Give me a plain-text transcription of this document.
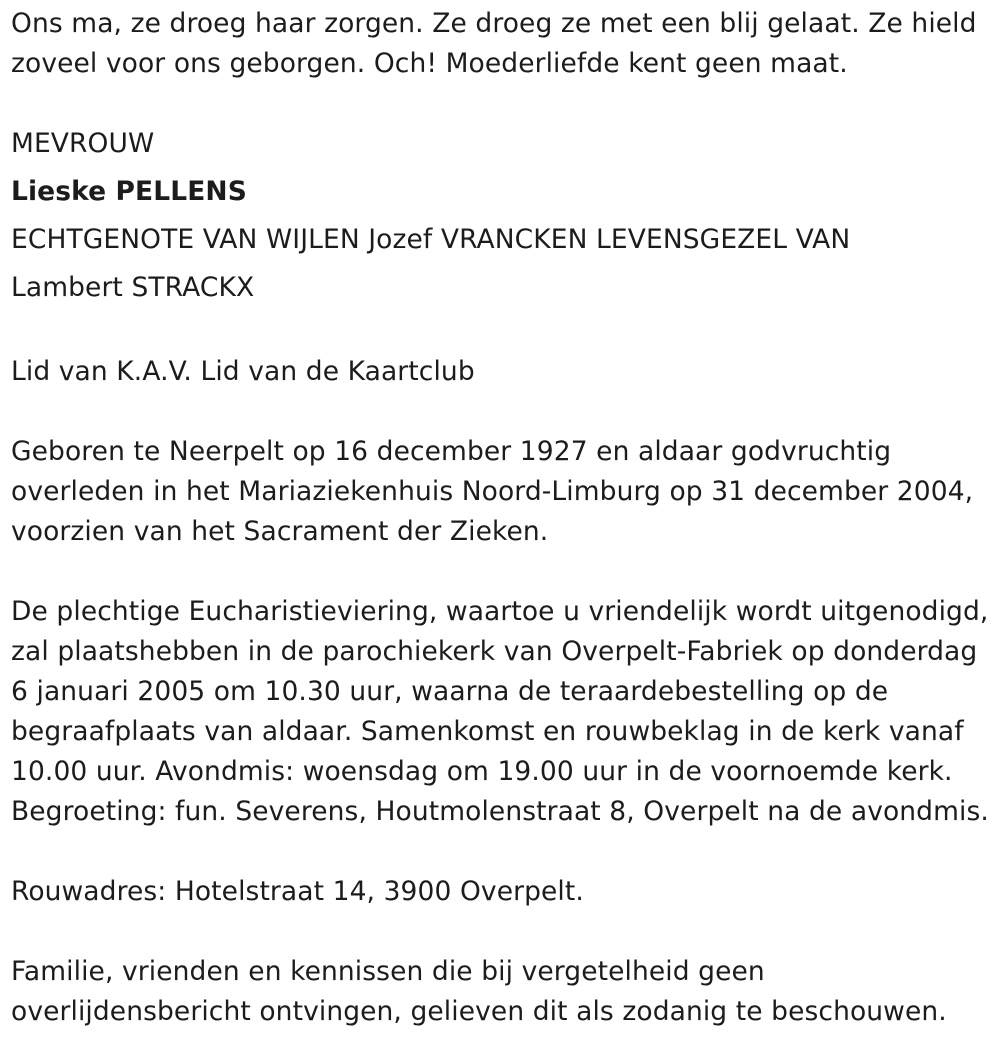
Ons ma, ze droeg haar zorgen. Ze droeg ze met een blij gelaat. Ze hield

zoveel voor ons geborgen. Och! Moederliefde kent geen maat.

MEVROUW

Lieske PELLENS

ECHTGENOTE VAN WIJLEN Jozef VRANCKEN LEVENSGEZEL VAN

Lambert STRACKX

Lid van K.A.V. Lid van de Kaartclub

Geboren te Neerpelt op 16 december 1927 en aldaar godvruchtig

overleden in het Mariaziekenhuis Noord-Limburg op 31 december 2004,

voorzien van het Sacrament der Zieken.

De plechtige Eucharistieviering, waartoe u vriendelijk wordt uitgenodigd,

zal plaatshebben in de parochiekerk van Overpelt-Fabriek op donderdag

6 januari 2005 om 10.30 uur, waarna de teraardebestelling op de

begraafplaats van aldaar. Samenkomst en rouwbeklag in de kerk vanaf

10.00 uur. Avondmis: woensdag om 19.00 uur in de voornoemde kerk.

Begroeting: fun. Severens, Houtmolenstraat 8, Overpelt na de avondmis.

Rouwadres: Hotelstraat 14, 3900 Overpelt.

Familie, vrienden en kennissen die bij vergetelheid geen

overlijdensbericht ontvingen, gelieven dit als zodanig te beschouwen.
